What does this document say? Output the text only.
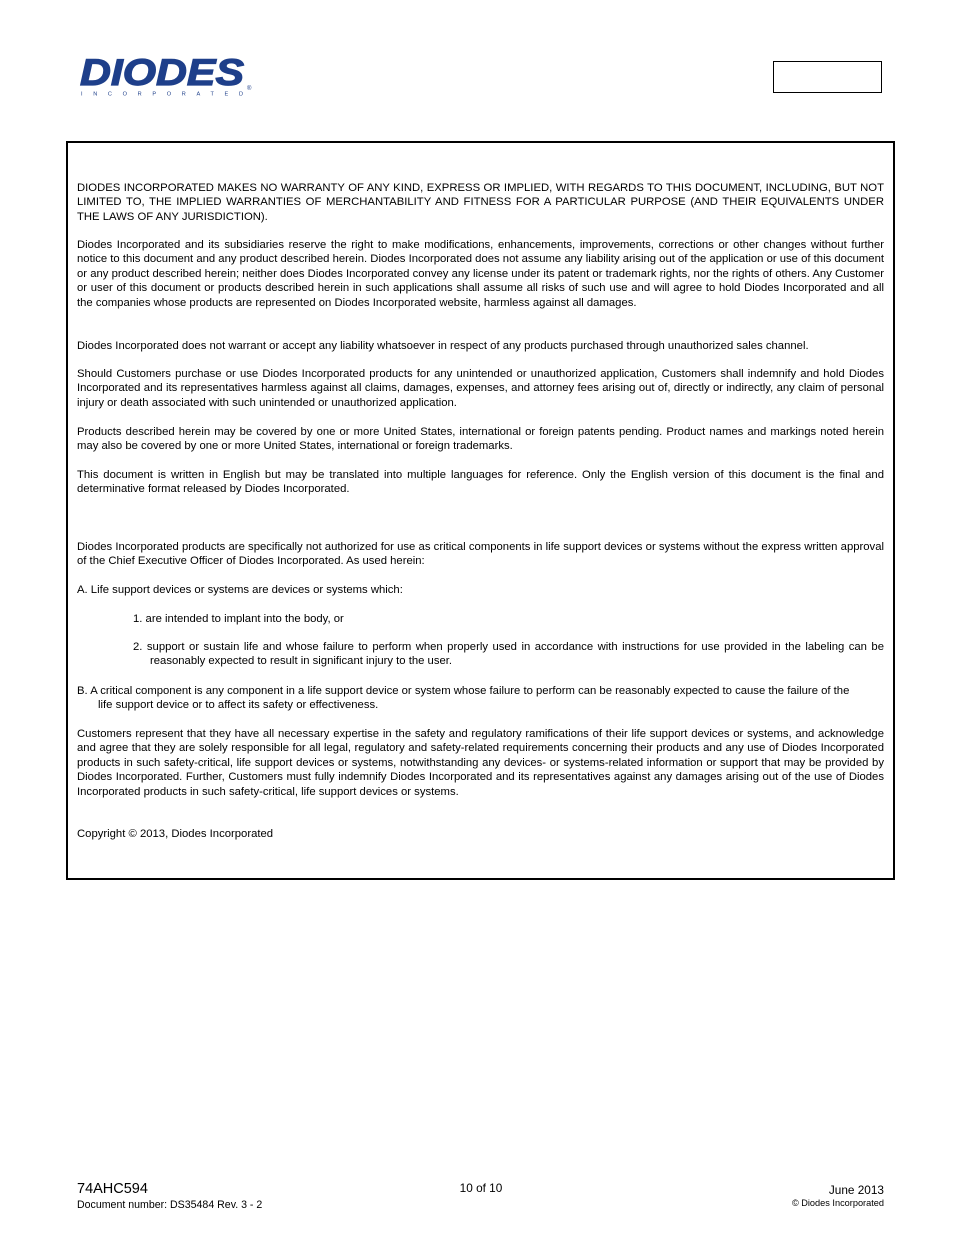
DIODES
INCORPORATED
®

DIODES INCORPORATED MAKES NO WARRANTY OF ANY KIND, EXPRESS OR IMPLIED, WITH REGARDS TO THIS DOCUMENT, INCLUDING, BUT NOT LIMITED TO, THE IMPLIED WARRANTIES OF MERCHANTABILITY AND FITNESS FOR A PARTICULAR PURPOSE (AND THEIR EQUIVALENTS UNDER THE LAWS OF ANY JURISDICTION).

Diodes Incorporated and its subsidiaries reserve the right to make modifications, enhancements, improvements, corrections or other changes without further notice to this document and any product described herein. Diodes Incorporated does not assume any liability arising out of the application or use of this document or any product described herein; neither does Diodes Incorporated convey any license under its patent or trademark rights, nor the rights of others. Any Customer or user of this document or products described herein in such applications shall assume all risks of such use and will agree to hold Diodes Incorporated and all the companies whose products are represented on Diodes Incorporated website, harmless against all damages.

Diodes Incorporated does not warrant or accept any liability whatsoever in respect of any products purchased through unauthorized sales channel.

Should Customers purchase or use Diodes Incorporated products for any unintended or unauthorized application, Customers shall indemnify and hold Diodes Incorporated and its representatives harmless against all claims, damages, expenses, and attorney fees arising out of, directly or indirectly, any claim of personal injury or death associated with such unintended or unauthorized application.

Products described herein may be covered by one or more United States, international or foreign patents pending. Product names and markings noted herein may also be covered by one or more United States, international or foreign trademarks.

This document is written in English but may be translated into multiple languages for reference. Only the English version of this document is the final and determinative format released by Diodes Incorporated.

Diodes Incorporated products are specifically not authorized for use as critical components in life support devices or systems without the express written approval of the Chief Executive Officer of Diodes Incorporated. As used herein:

A. Life support devices or systems are devices or systems which:

1. are intended to implant into the body, or

2. support or sustain life and whose failure to perform when properly used in accordance with instructions for use provided in the labeling can be reasonably expected to result in significant injury to the user.

B. A critical component is any component in a life support device or system whose failure to perform can be reasonably expected to cause the failure of the life support device or to affect its safety or effectiveness.

Customers represent that they have all necessary expertise in the safety and regulatory ramifications of their life support devices or systems, and acknowledge and agree that they are solely responsible for all legal, regulatory and safety-related requirements concerning their products and any use of Diodes Incorporated products in such safety-critical, life support devices or systems, notwithstanding any devices- or systems-related information or support that may be provided by Diodes Incorporated. Further, Customers must fully indemnify Diodes Incorporated and its representatives against any damages arising out of the use of Diodes Incorporated products in such safety-critical, life support devices or systems.

Copyright © 2013, Diodes Incorporated

74AHC594
Document number: DS35484 Rev. 3 - 2
10 of 10	June 2013
© Diodes Incorporated
